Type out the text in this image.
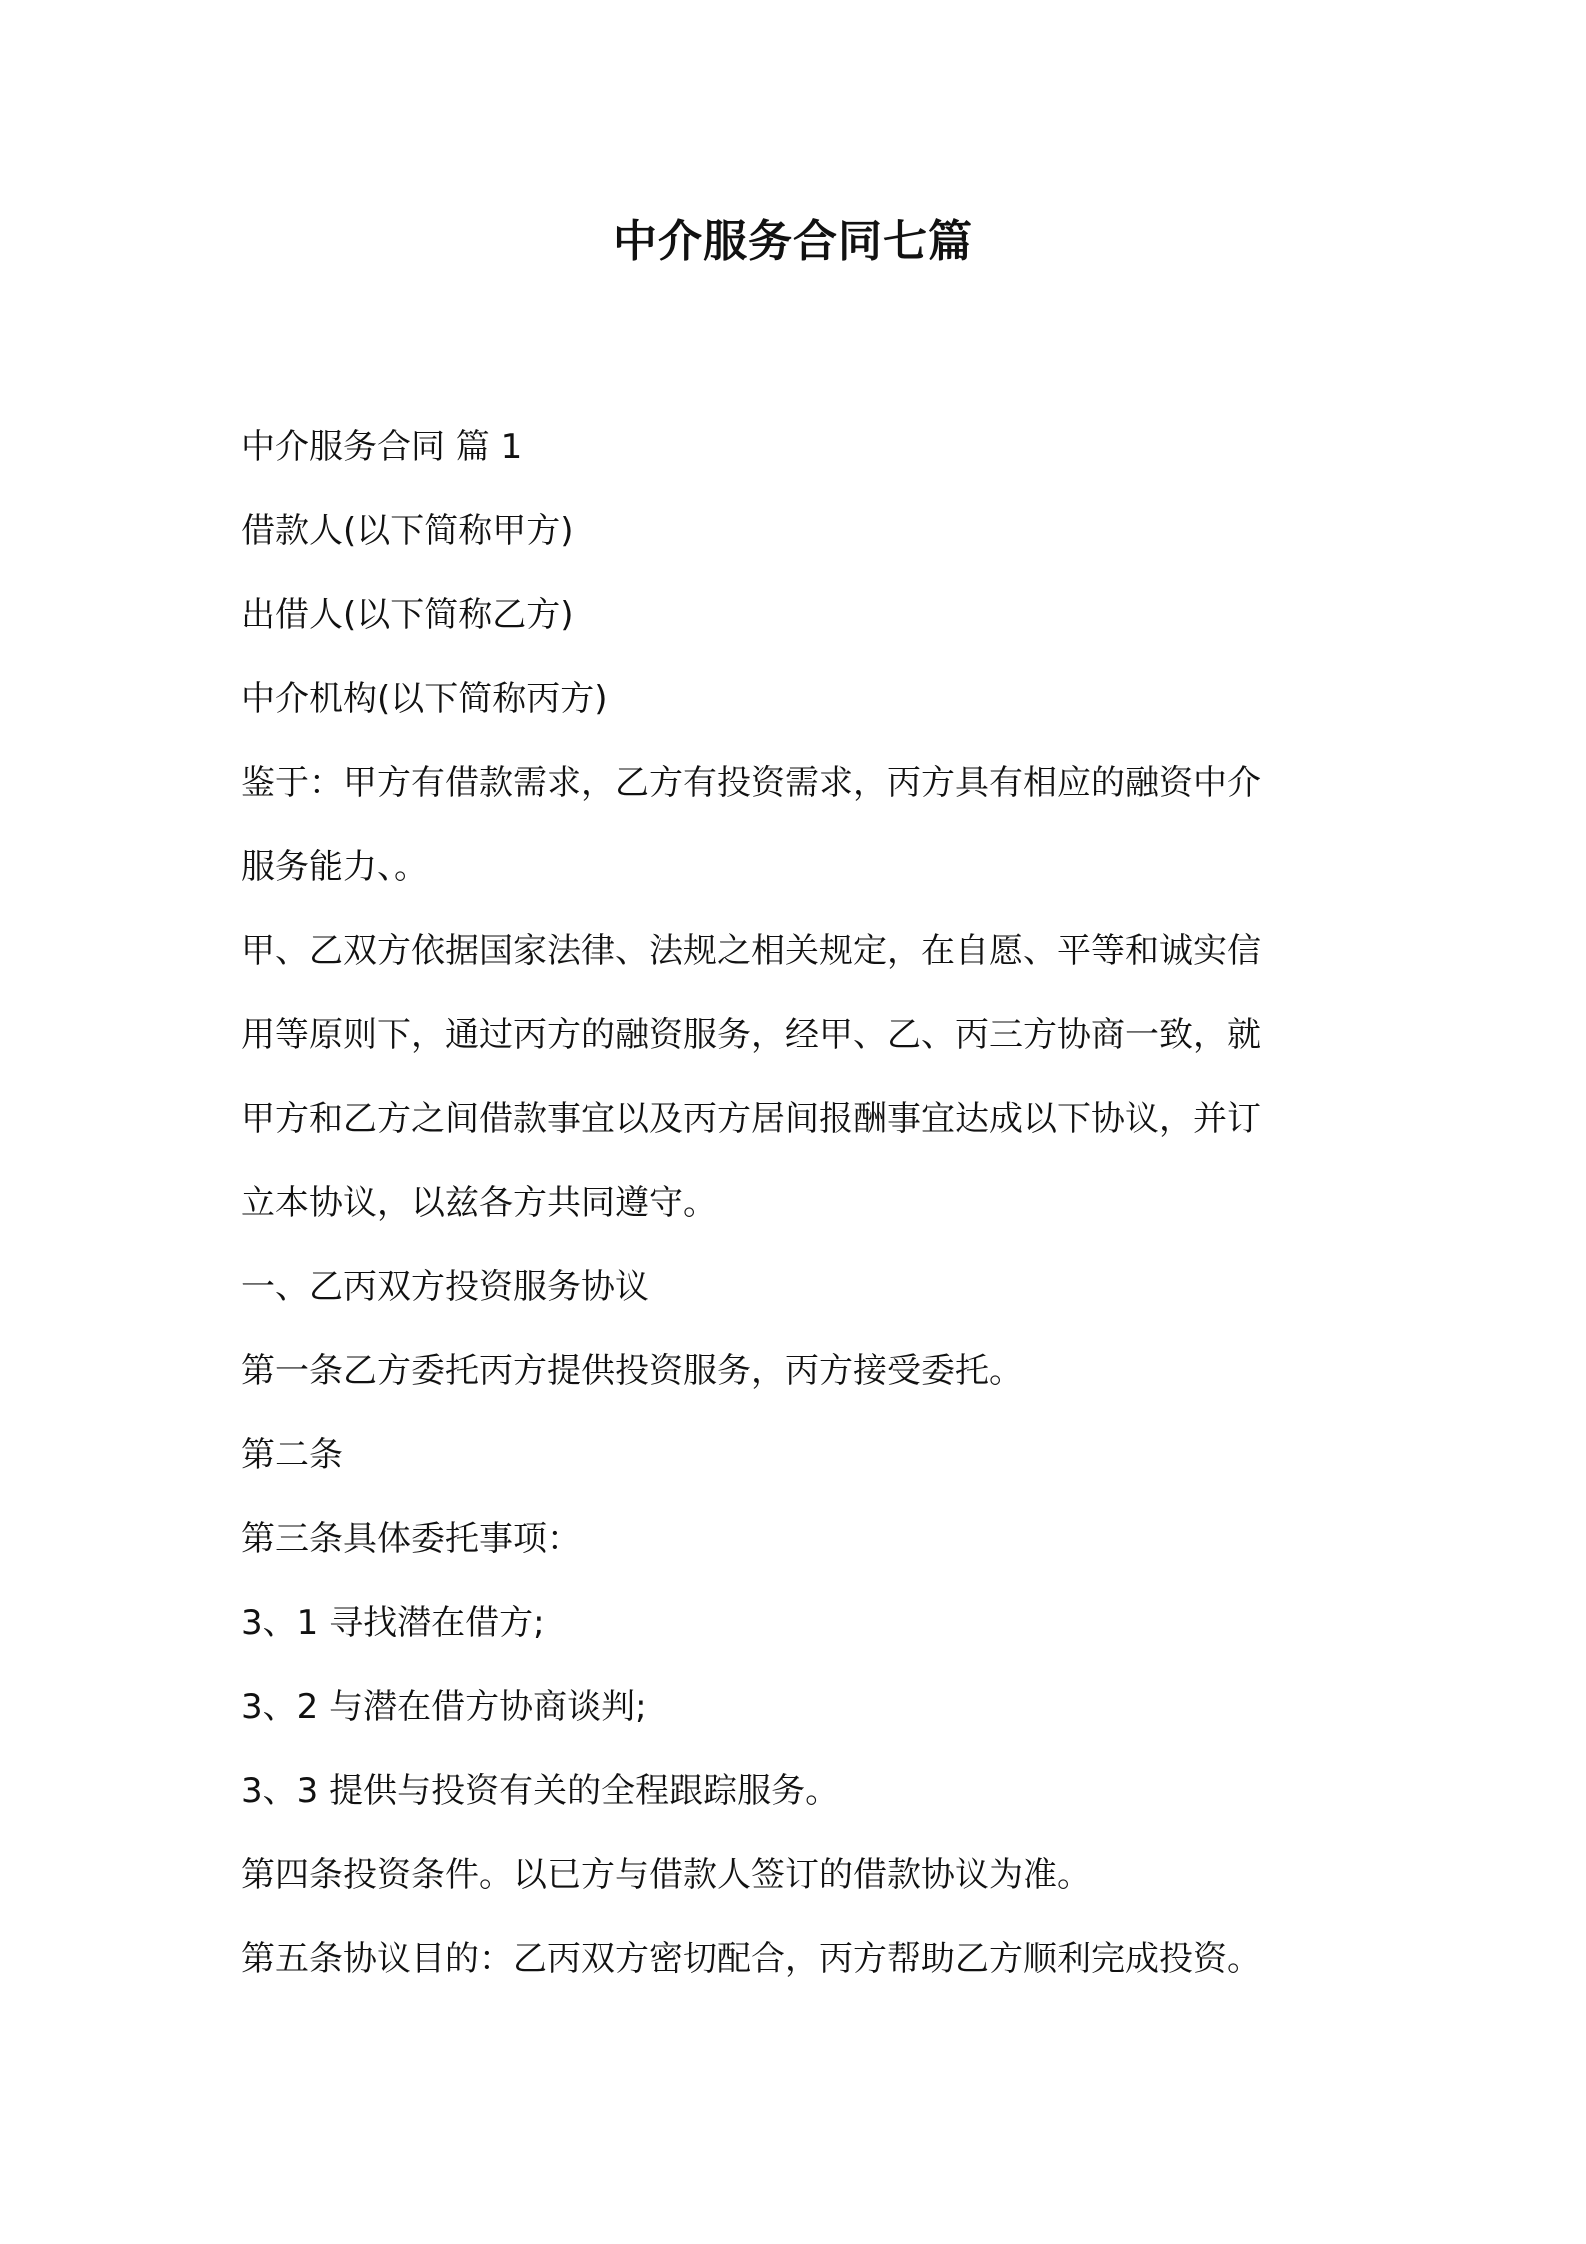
中介服务合同七篇

中介服务合同 篇 1

借款人(以下简称甲方)

出借人(以下简称乙方)

中介机构(以下简称丙方)

鉴于：甲方有借款需求，乙方有投资需求，丙方具有相应的融资中介

服务能力、。

甲、乙双方依据国家法律、法规之相关规定，在自愿、平等和诚实信

用等原则下，通过丙方的融资服务，经甲、乙、丙三方协商一致，就

甲方和乙方之间借款事宜以及丙方居间报酬事宜达成以下协议，并订

立本协议，以兹各方共同遵守。

一、乙丙双方投资服务协议

第一条乙方委托丙方提供投资服务，丙方接受委托。

第二条

第三条具体委托事项：

3、1 寻找潜在借方;

3、2 与潜在借方协商谈判;

3、3 提供与投资有关的全程跟踪服务。

第四条投资条件。以已方与借款人签订的借款协议为准。

第五条协议目的：乙丙双方密切配合，丙方帮助乙方顺利完成投资。
